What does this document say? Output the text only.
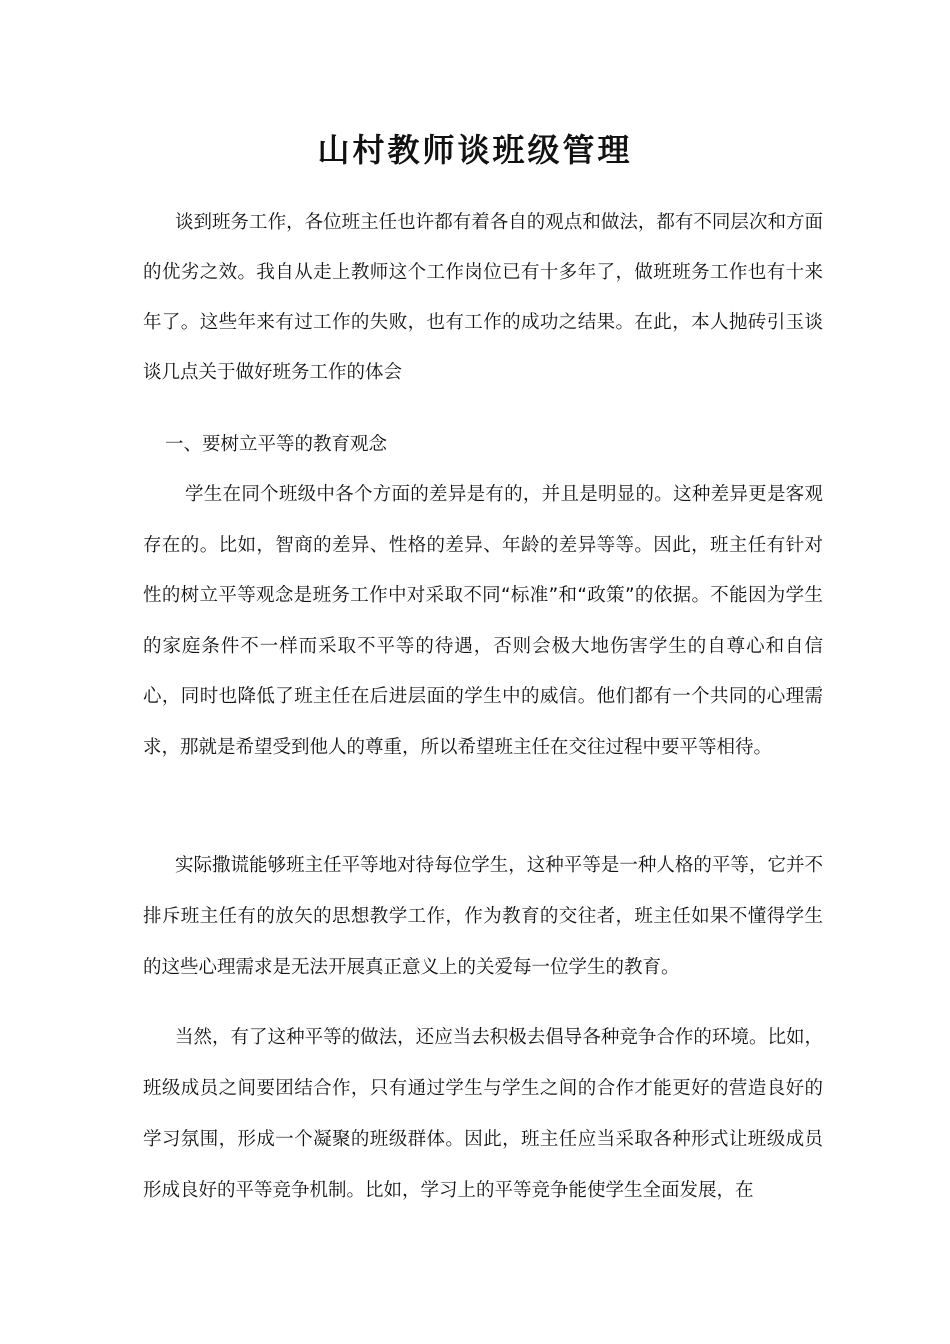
山村教师谈班级管理

谈到班务工作，各位班主任也许都有着各自的观点和做法，都有不同层次和方面的优劣之效。我自从走上教师这个工作岗位已有十多年了，做班班务工作也有十来年了。这些年来有过工作的失败，也有工作的成功之结果。在此，本人抛砖引玉谈谈几点关于做好班务工作的体会

一、要树立平等的教育观念

学生在同个班级中各个方面的差异是有的，并且是明显的。这种差异更是客观存在的。比如，智商的差异、性格的差异、年龄的差异等等。因此，班主任有针对性的树立平等观念是班务工作中对采取不同“标准”和“政策”的依据。不能因为学生的家庭条件不一样而采取不平等的待遇，否则会极大地伤害学生的自尊心和自信心，同时也降低了班主任在后进层面的学生中的威信。他们都有一个共同的心理需求，那就是希望受到他人的尊重，所以希望班主任在交往过程中要平等相待。

实际撒谎能够班主任平等地对待每位学生，这种平等是一种人格的平等，它并不排斥班主任有的放矢的思想教学工作，作为教育的交往者，班主任如果不懂得学生的这些心理需求是无法开展真正意义上的关爱每一位学生的教育。

当然，有了这种平等的做法，还应当去积极去倡导各种竞争合作的环境。比如，班级成员之间要团结合作，只有通过学生与学生之间的合作才能更好的营造良好的学习氛围，形成一个凝聚的班级群体。因此，班主任应当采取各种形式让班级成员形成良好的平等竞争机制。比如，学习上的平等竞争能使学生全面发展，在
